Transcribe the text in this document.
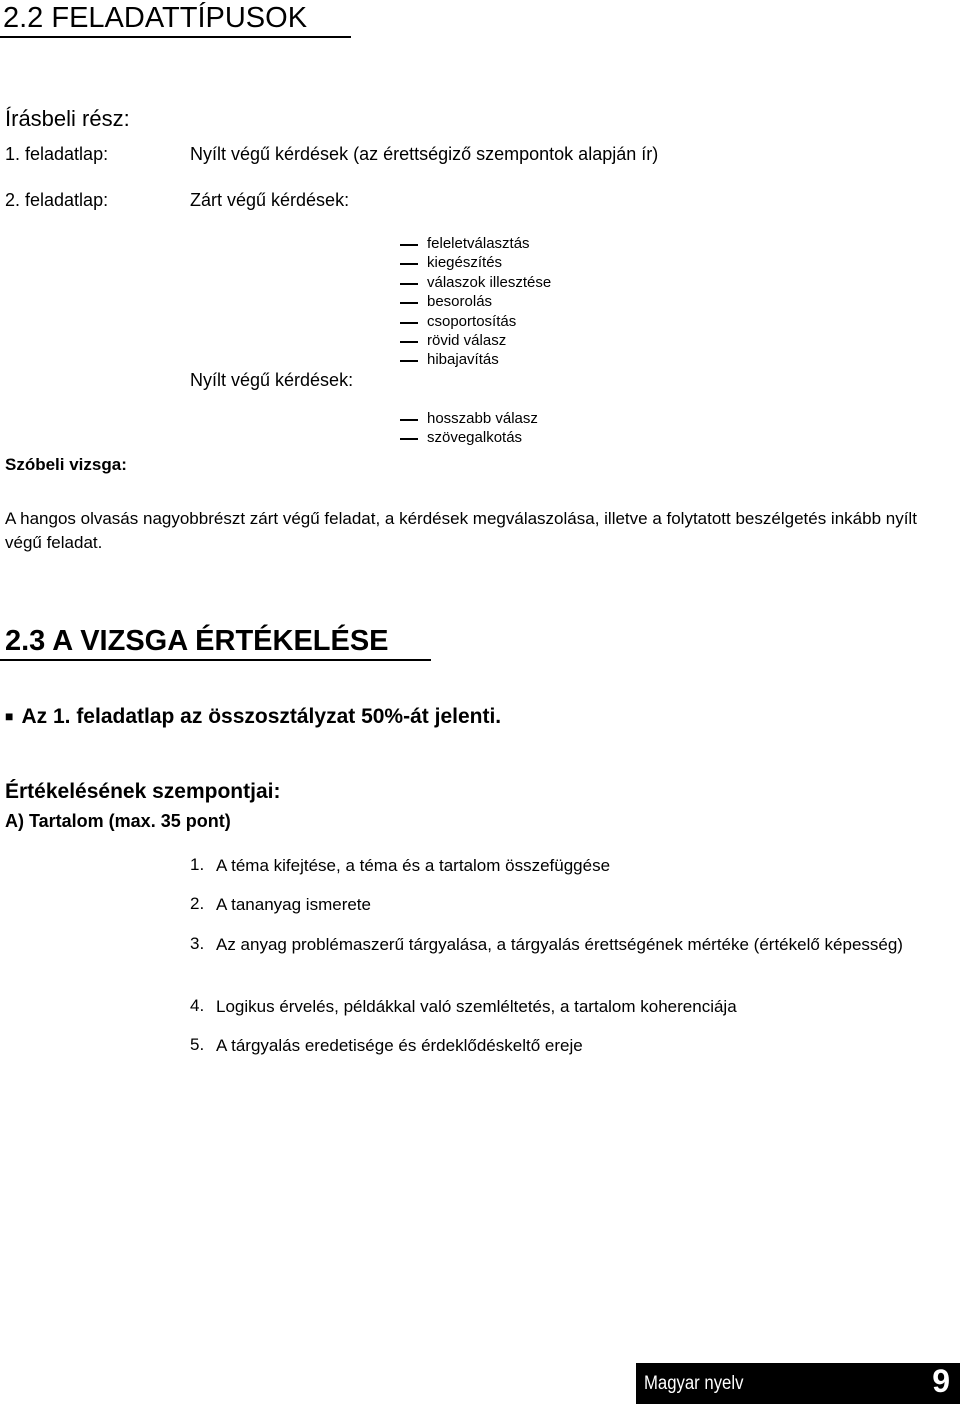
2.2 FELADATTÍPUSOK
Írásbeli rész:
1. feladatlap:	Nyílt végű kérdések (az érettségiző szempontok alapján ír)
2. feladatlap:	Zárt végű kérdések:
feleletválasztás
kiegészítés
válaszok illesztése
besorolás
csoportosítás
rövid válasz
hibajavítás
Nyílt végű kérdések:
hosszabb válasz
szövegalkotás
Szóbeli vizsga:
A hangos olvasás nagyobbrészt zárt végű feladat, a kérdések megválaszolása, illetve a folytatott beszélgetés inkább nyílt végű feladat.
2.3 A VIZSGA ÉRTÉKELÉSE
■ Az 1. feladatlap az összosztályzat 50%-át jelenti.
Értékelésének szempontjai:
A) Tartalom (max. 35 pont)
1. A téma kifejtése, a téma és a tartalom összefüggése
2. A tananyag ismerete
3. Az anyag problémaszerű tárgyalása, a tárgyalás érettségének mértéke (értékelő képesség)
4. Logikus érvelés, példákkal való szemléltetés, a tartalom koherenciája
5. A tárgyalás eredetisége és érdeklődéskeltő ereje
Magyar nyelv	9
